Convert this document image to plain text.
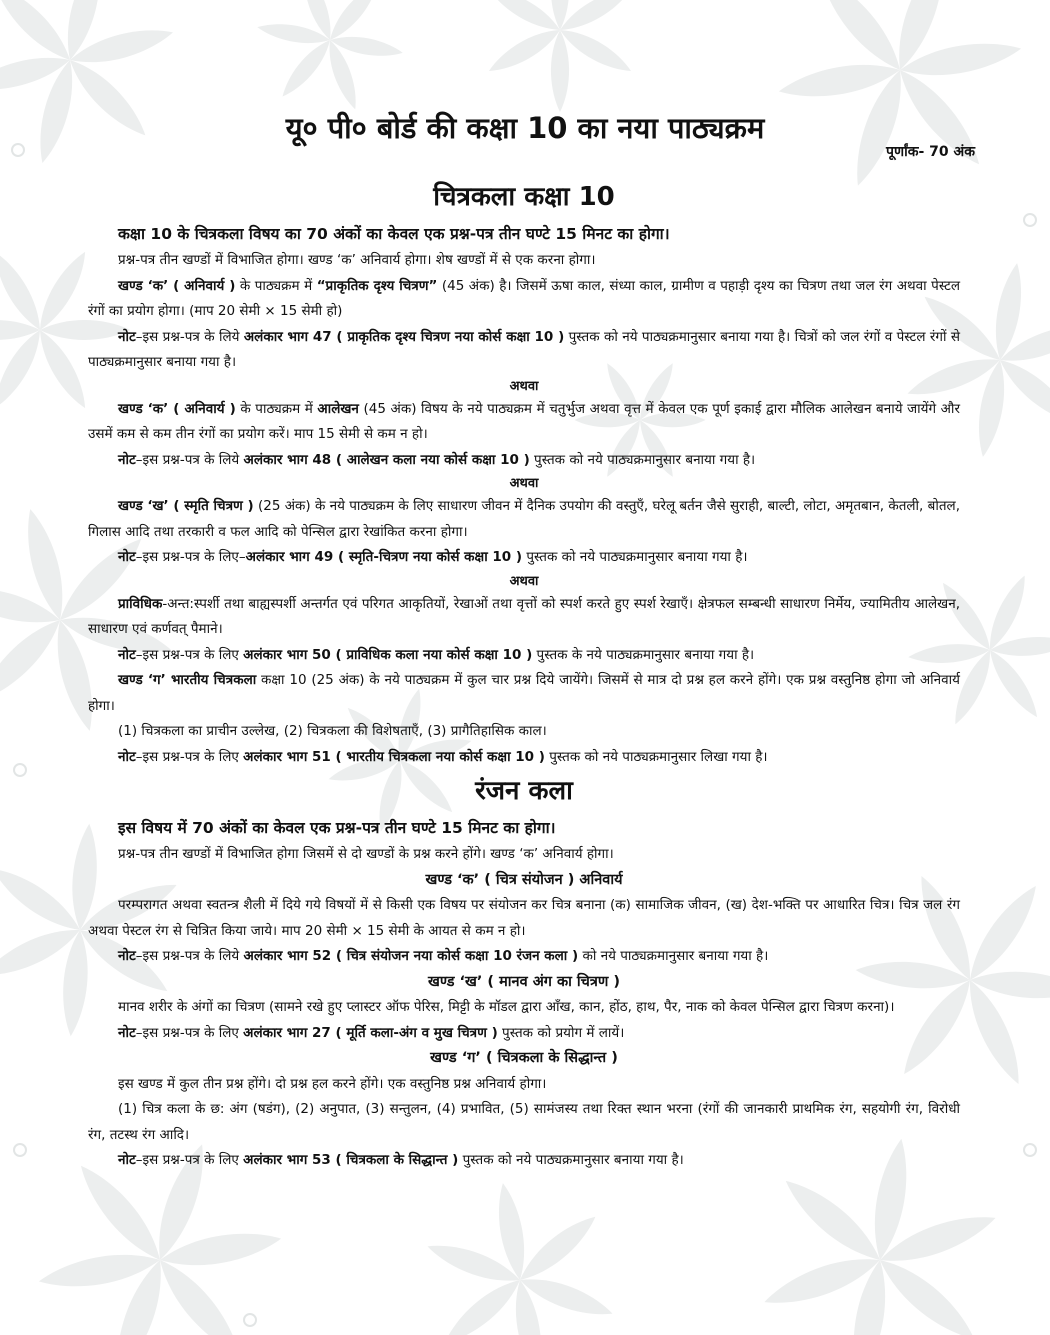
यू० पी० बोर्ड की कक्षा 10 का नया पाठ्यक्रम
पूर्णांक- 70 अंक
चित्रकला कक्षा 10

कक्षा 10 के चित्रकला विषय का 70 अंकों का केवल एक प्रश्न-पत्र तीन घण्टे 15 मिनट का होगा।

प्रश्न-पत्र तीन खण्डों में विभाजित होगा। खण्ड ‘क’ अनिवार्य होगा। शेष खण्डों में से एक करना होगा।

खण्ड ‘क’ ( अनिवार्य ) के पाठ्यक्रम में “प्राकृतिक दृश्य चित्रण” (45 अंक) है। जिसमें ऊषा काल, संध्या काल, ग्रामीण व पहाड़ी दृश्य का चित्रण तथा जल रंग अथवा पेस्टल रंगों का प्रयोग होगा। (माप 20 सेमी × 15 सेमी हो)

नोट–इस प्रश्न-पत्र के लिये अलंकार भाग 47 ( प्राकृतिक दृश्य चित्रण नया कोर्स कक्षा 10 ) पुस्तक को नये पाठ्यक्रमानुसार बनाया गया है। चित्रों को जल रंगों व पेस्टल रंगों से पाठ्यक्रमानुसार बनाया गया है।

अथवा

खण्ड ‘क’ ( अनिवार्य ) के पाठ्यक्रम में आलेखन (45 अंक) विषय के नये पाठ्यक्रम में चतुर्भुज अथवा वृत्त में केवल एक पूर्ण इकाई द्वारा मौलिक आलेखन बनाये जायेंगे और उसमें कम से कम तीन रंगों का प्रयोग करें। माप 15 सेमी से कम न हो।

नोट–इस प्रश्न-पत्र के लिये अलंकार भाग 48 ( आलेखन कला नया कोर्स कक्षा 10 ) पुस्तक को नये पाठ्यक्रमानुसार बनाया गया है।

अथवा

खण्ड ‘ख’ ( स्मृति चित्रण ) (25 अंक) के नये पाठ्यक्रम के लिए साधारण जीवन में दैनिक उपयोग की वस्तुएँ, घरेलू बर्तन जैसे सुराही, बाल्टी, लोटा, अमृतबान, केतली, बोतल, गिलास आदि तथा तरकारी व फल आदि को पेन्सिल द्वारा रेखांकित करना होगा।

नोट–इस प्रश्न-पत्र के लिए–अलंकार भाग 49 ( स्मृति-चित्रण नया कोर्स कक्षा 10 ) पुस्तक को नये पाठ्यक्रमानुसार बनाया गया है।

अथवा

प्राविधिक-अन्त:स्पर्शी तथा बाह्यस्पर्शी अन्तर्गत एवं परिगत आकृतियों, रेखाओं तथा वृत्तों को स्पर्श करते हुए स्पर्श रेखाएँ। क्षेत्रफल सम्बन्धी साधारण निर्मेय, ज्यामितीय आलेखन, साधारण एवं कर्णवत् पैमाने।

नोट–इस प्रश्न-पत्र के लिए अलंकार भाग 50 ( प्राविधिक कला नया कोर्स कक्षा 10 ) पुस्तक के नये पाठ्यक्रमानुसार बनाया गया है।

खण्ड ‘ग’ भारतीय चित्रकला कक्षा 10 (25 अंक) के नये पाठ्यक्रम में कुल चार प्रश्न दिये जायेंगे। जिसमें से मात्र दो प्रश्न हल करने होंगे। एक प्रश्न वस्तुनिष्ठ होगा जो अनिवार्य होगा।

(1) चित्रकला का प्राचीन उल्लेख, (2) चित्रकला की विशेषताएँ, (3) प्रागैतिहासिक काल।

नोट–इस प्रश्न-पत्र के लिए अलंकार भाग 51 ( भारतीय चित्रकला नया कोर्स कक्षा 10 ) पुस्तक को नये पाठ्यक्रमानुसार लिखा गया है।

रंजन कला

इस विषय में 70 अंकों का केवल एक प्रश्न-पत्र तीन घण्टे 15 मिनट का होगा।

प्रश्न-पत्र तीन खण्डों में विभाजित होगा जिसमें से दो खण्डों के प्रश्न करने होंगे। खण्ड ‘क’ अनिवार्य होगा।

खण्ड ‘क’ ( चित्र संयोजन ) अनिवार्य

परम्परागत अथवा स्वतन्त्र शैली में दिये गये विषयों में से किसी एक विषय पर संयोजन कर चित्र बनाना (क) सामाजिक जीवन, (ख) देश-भक्ति पर आधारित चित्र। चित्र जल रंग अथवा पेस्टल रंग से चित्रित किया जाये। माप 20 सेमी × 15 सेमी के आयत से कम न हो।

नोट–इस प्रश्न-पत्र के लिये अलंकार भाग 52 ( चित्र संयोजन नया कोर्स कक्षा 10 रंजन कला ) को नये पाठ्यक्रमानुसार बनाया गया है।

खण्ड ‘ख’ ( मानव अंग का चित्रण )

मानव शरीर के अंगों का चित्रण (सामने रखे हुए प्लास्टर ऑफ पेरिस, मिट्टी के मॉडल द्वारा आँख, कान, होंठ, हाथ, पैर, नाक को केवल पेन्सिल द्वारा चित्रण करना)।

नोट–इस प्रश्न-पत्र के लिए अलंकार भाग 27 ( मूर्ति कला-अंग व मुख चित्रण ) पुस्तक को प्रयोग में लायें।

खण्ड ‘ग’ ( चित्रकला के सिद्धान्त )

इस खण्ड में कुल तीन प्रश्न होंगे। दो प्रश्न हल करने होंगे। एक वस्तुनिष्ठ प्रश्न अनिवार्य होगा।

(1) चित्र कला के छ: अंग (षडंग), (2) अनुपात, (3) सन्तुलन, (4) प्रभावित, (5) सामंजस्य तथा रिक्त स्थान भरना (रंगों की जानकारी प्राथमिक रंग, सहयोगी रंग, विरोधी रंग, तटस्थ रंग आदि।

नोट–इस प्रश्न-पत्र के लिए अलंकार भाग 53 ( चित्रकला के सिद्धान्त ) पुस्तक को नये पाठ्यक्रमानुसार बनाया गया है।
